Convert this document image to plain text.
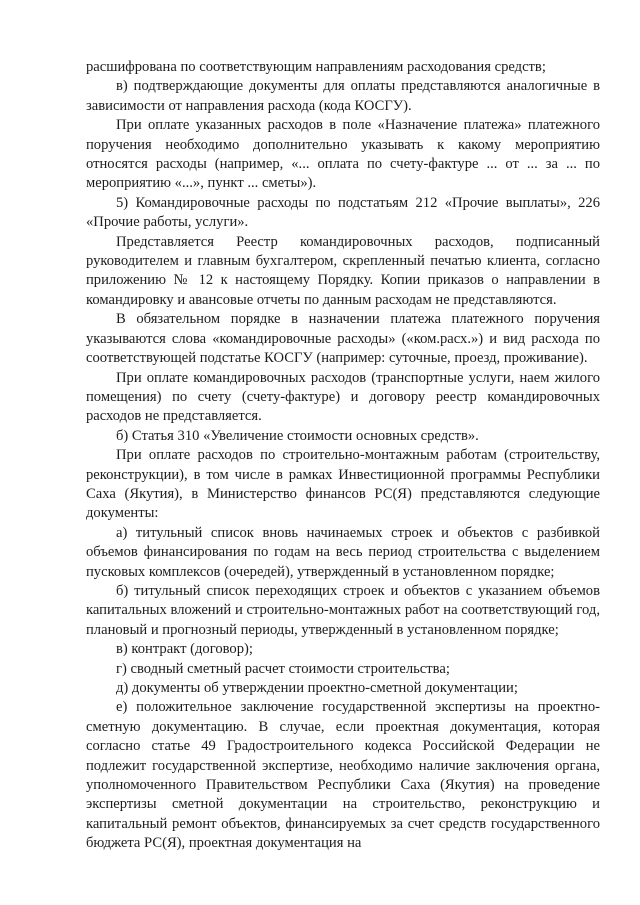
расшифрована по соответствующим направлениям расходования средств;

в) подтверждающие документы для оплаты представляются аналогичные в зависимости от направления расхода (кода КОСГУ).

При оплате указанных расходов в поле «Назначение платежа» платежного поручения необходимо дополнительно указывать к какому мероприятию относятся расходы (например, «... оплата по счету-фактуре ... от ... за ... по мероприятию «...», пункт ... сметы»).

5) Командировочные расходы по подстатьям 212 «Прочие выплаты», 226 «Прочие работы, услуги».

Представляется Реестр командировочных расходов, подписанный руководителем и главным бухгалтером, скрепленный печатью клиента, согласно приложению № 12 к настоящему Порядку. Копии приказов о направлении в командировку и авансовые отчеты по данным расходам не представляются.

В обязательном порядке в назначении платежа платежного поручения указываются слова «командировочные расходы» («ком.расх.») и вид расхода по соответствующей подстатье КОСГУ (например: суточные, проезд, проживание).

При оплате командировочных расходов (транспортные услуги, наем жилого помещения) по счету (счету-фактуре) и договору реестр командировочных расходов не представляется.

б) Статья 310 «Увеличение стоимости основных средств».

При оплате расходов по строительно-монтажным работам (строительству, реконструкции), в том числе в рамках Инвестиционной программы Республики Саха (Якутия), в Министерство финансов РС(Я) представляются следующие документы:

а) титульный список вновь начинаемых строек и объектов с разбивкой объемов финансирования по годам на весь период строительства с выделением пусковых комплексов (очередей), утвержденный в установленном порядке;

б) титульный список переходящих строек и объектов с указанием объемов капитальных вложений и строительно-монтажных работ на соответствующий год, плановый и прогнозный периоды, утвержденный в установленном порядке;

в) контракт (договор);

г) сводный сметный расчет стоимости строительства;

д) документы об утверждении проектно-сметной документации;

е) положительное заключение государственной экспертизы на проектно-сметную документацию. В случае, если проектная документация, которая согласно статье 49 Градостроительного кодекса Российской Федерации не подлежит государственной экспертизе, необходимо наличие заключения органа, уполномоченного Правительством Республики Саха (Якутия) на проведение экспертизы сметной документации на строительство, реконструкцию и капитальный ремонт объектов, финансируемых за счет средств государственного бюджета РС(Я), проектная документация на
